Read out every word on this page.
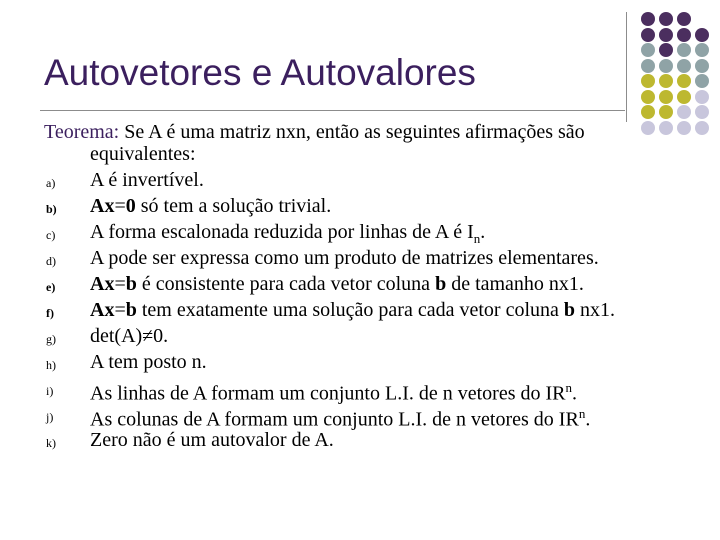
Autovetores e Autovalores
Teorema: Se A é uma matriz nxn, então as seguintes afirmações são
equivalentes:
a) A é invertível.
b) Ax=0 só tem a solução trivial.
c) A forma escalonada reduzida por linhas de A é $I_n$.
d) A pode ser expressa como um produto de matrizes elementares.
e) Ax=b é consistente para cada vetor coluna b de tamanho nx1.
f) Ax=b tem exatamente uma solução para cada vetor coluna b nx1.
g) det(A)≠0.
h) A tem posto n.
i) As linhas de A formam um conjunto L.I. de n vetores do $IR^n$.
j) As colunas de A formam um conjunto L.I. de n vetores do $IR^n$.
k) Zero não é um autovalor de A.
